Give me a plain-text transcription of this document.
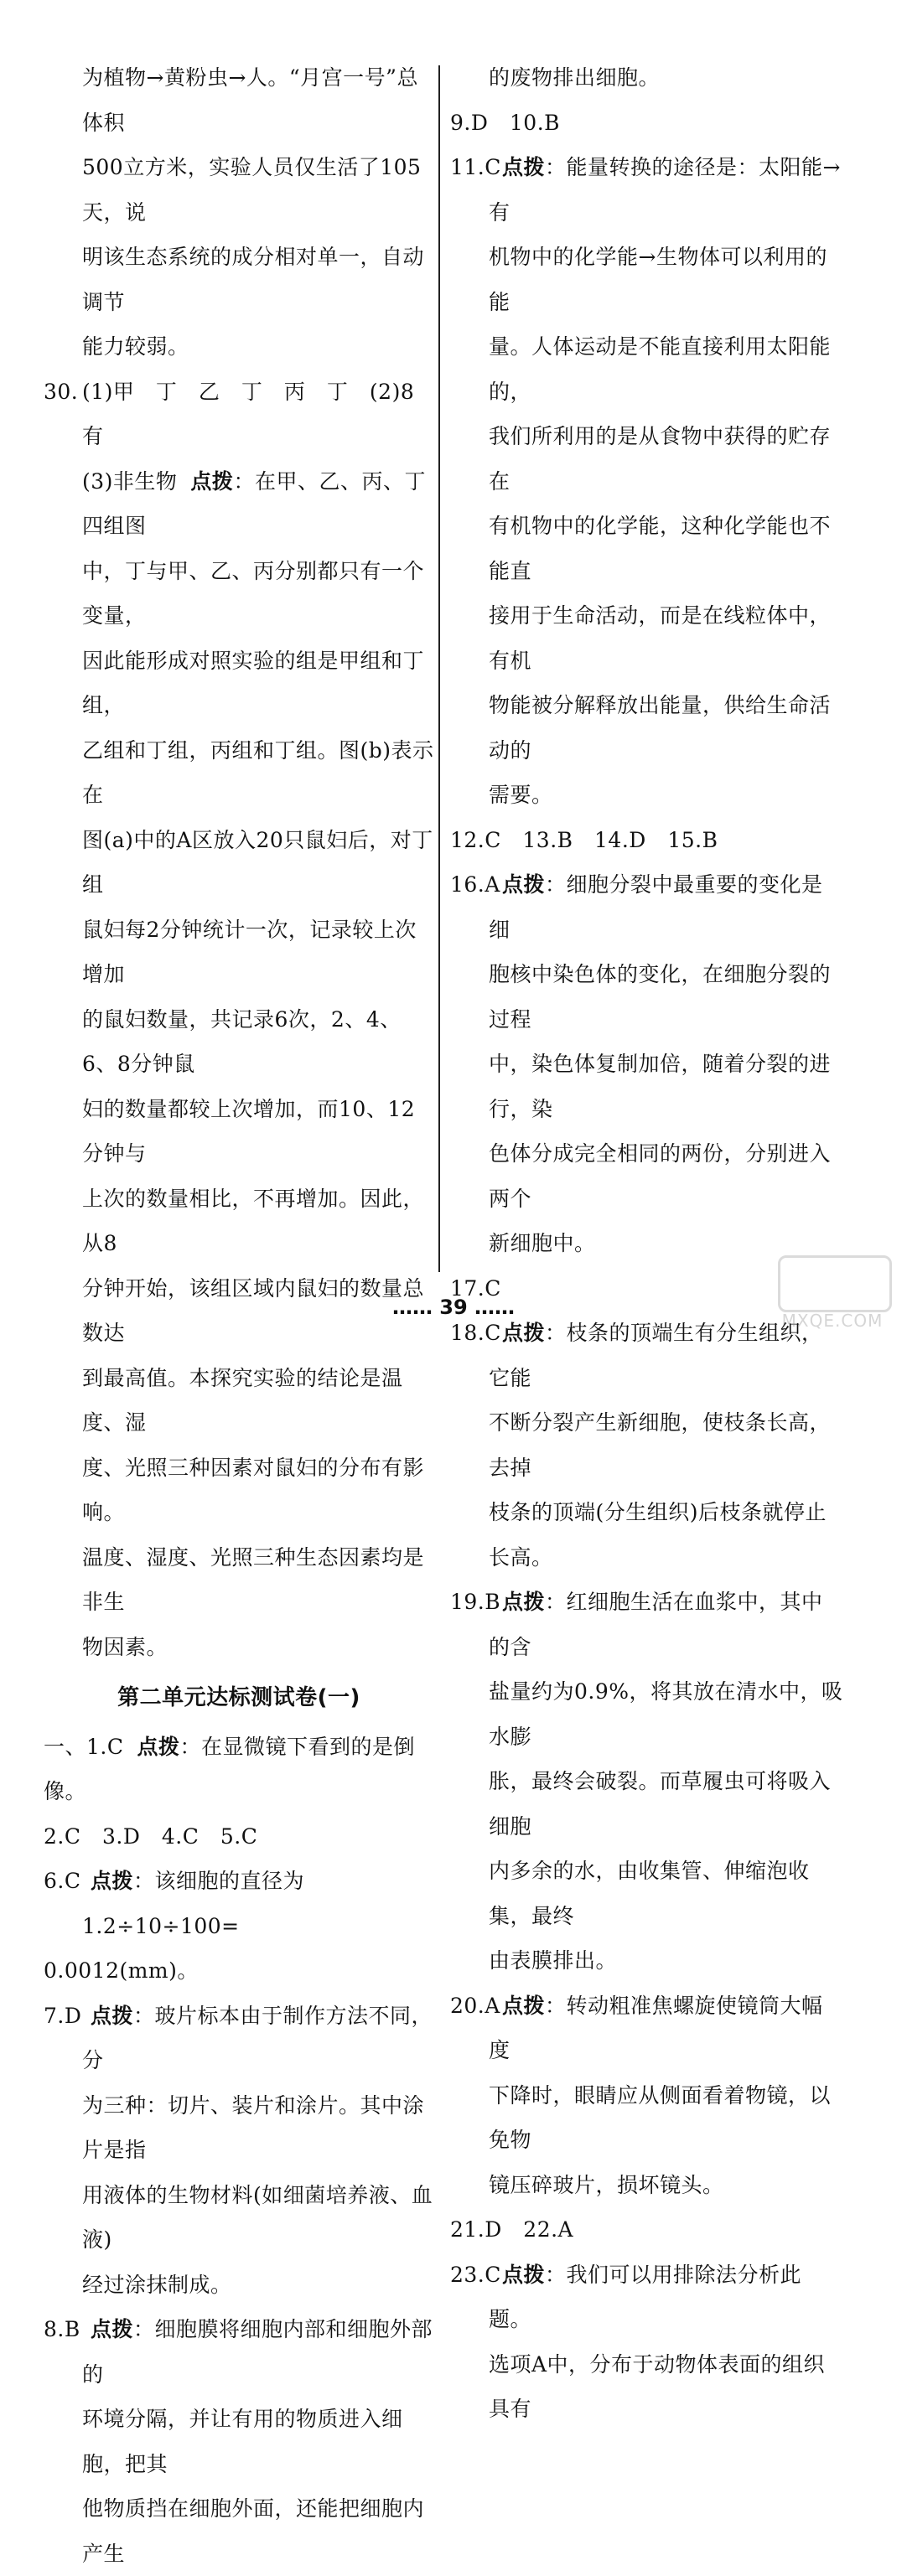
为植物→黄粉虫→人。“月宫一号”总体积
500立方米，实验人员仅生活了105天，说
明该生态系统的成分相对单一，自动调节
能力较弱。
30. (1)甲　丁　乙　丁　丙　丁　(2)8　有
(3)非生物 点拨：在甲、乙、丙、丁四组图
中，丁与甲、乙、丙分别都只有一个变量，
因此能形成对照实验的组是甲组和丁组，
乙组和丁组，丙组和丁组。图(b)表示在
图(a)中的A区放入20只鼠妇后，对丁组
鼠妇每2分钟统计一次，记录较上次增加
的鼠妇数量，共记录6次，2、4、6、8分钟鼠
妇的数量都较上次增加，而10、12分钟与
上次的数量相比，不再增加。因此，从8
分钟开始，该组区域内鼠妇的数量总数达
到最高值。本探究实验的结论是温度、湿
度、光照三种因素对鼠妇的分布有影响。
温度、湿度、光照三种生态因素均是非生
物因素。
第二单元达标测试卷(一)
一、1.C 点拨：在显微镜下看到的是倒像。
2.C　3.D　4.C　5.C
6.C 点拨：该细胞的直径为1.2÷10÷100=
0.0012(mm)。
7.D 点拨：玻片标本由于制作方法不同，分
为三种：切片、装片和涂片。其中涂片是指
用液体的生物材料(如细菌培养液、血液)
经过涂抹制成。
8.B 点拨：细胞膜将细胞内部和细胞外部的
环境分隔，并让有用的物质进入细胞，把其
他物质挡在细胞外面，还能把细胞内产生
的废物排出细胞。
9.D　10.B
11.C 点拨：能量转换的途径是：太阳能→有
机物中的化学能→生物体可以利用的能
量。人体运动是不能直接利用太阳能的，
我们所利用的是从食物中获得的贮存在
有机物中的化学能，这种化学能也不能直
接用于生命活动，而是在线粒体中，有机
物能被分解释放出能量，供给生命活动的
需要。
12.C　13.B　14.D　15.B
16.A 点拨：细胞分裂中最重要的变化是细
胞核中染色体的变化，在细胞分裂的过程
中，染色体复制加倍，随着分裂的进行，染
色体分成完全相同的两份，分别进入两个
新细胞中。
17.C
18.C 点拨：枝条的顶端生有分生组织，它能
不断分裂产生新细胞，使枝条长高，去掉
枝条的顶端(分生组织)后枝条就停止
长高。
19.B 点拨：红细胞生活在血浆中，其中的含
盐量约为0.9%，将其放在清水中，吸水膨
胀，最终会破裂。而草履虫可将吸入细胞
内多余的水，由收集管、伸缩泡收集，最终
由表膜排出。
20.A 点拨：转动粗准焦螺旋使镜筒大幅度
下降时，眼睛应从侧面看着物镜，以免物
镜压碎玻片，损坏镜头。
21.D　22.A
23.C 点拨：我们可以用排除法分析此题。
选项A中，分布于动物体表面的组织具有
…… 39 ……
MXQE.COM
